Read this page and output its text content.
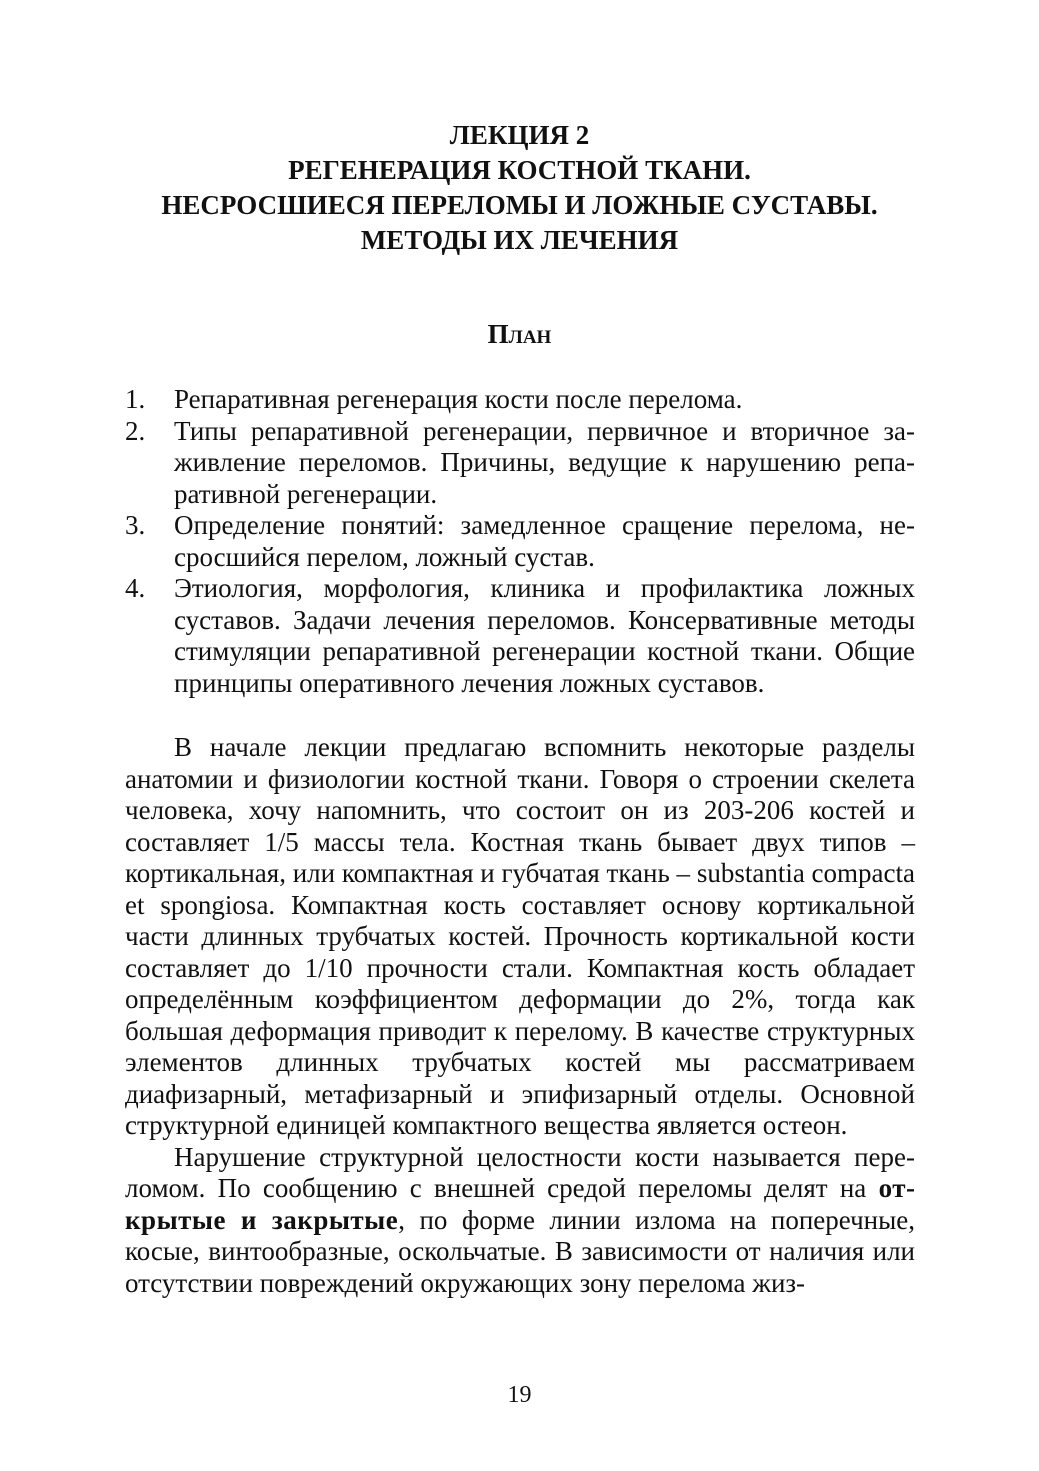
ЛЕКЦИЯ 2
РЕГЕНЕРАЦИЯ КОСТНОЙ ТКАНИ.
НЕСРОСШИЕСЯ ПЕРЕЛОМЫ И ЛОЖНЫЕ СУСТАВЫ.
МЕТОДЫ ИХ ЛЕЧЕНИЯ
План
1.	Репаративная регенерация кости после перелома.
2.	Типы репаративной регенерации, первичное и вторичное заживление переломов. Причины, ведущие к нарушению репаративной регенерации.
3.	Определение понятий: замедленное сращение перелома, несросшийся перелом, ложный сустав.
4.	Этиология, морфология, клиника и профилактика ложных суставов. Задачи лечения переломов. Консервативные методы стимуляции репаративной регенерации костной ткани. Общие принципы оперативного лечения ложных суставов.

В начале лекции предлагаю вспомнить некоторые разделы анатомии и физиологии костной ткани. Говоря о строении скелета человека, хочу напомнить, что состоит он из 203-206 костей и составляет 1/5 массы тела. Костная ткань бывает двух типов – кортикальная, или компактная и губчатая ткань – substantia compacta et spongiosa. Компактная кость составляет основу кортикальной части длинных трубчатых костей. Прочность кортикальной кости составляет до 1/10 прочности стали. Компактная кость обладает определённым коэффициентом деформации до 2%, тогда как большая деформация приводит к перелому. В качестве структурных элементов длинных трубчатых костей мы рассматриваем диафизарный, метафизарный и эпифизарный отделы. Основной структурной единицей компактного вещества является остеон.

Нарушение структурной целостности кости называется переломом. По сообщению с внешней средой переломы делят на открытые и закрытые, по форме линии излома на поперечные, косые, винтообразные, оскольчатые. В зависимости от наличия или отсутствии повреждений окружающих зону перелома жиз-

19
